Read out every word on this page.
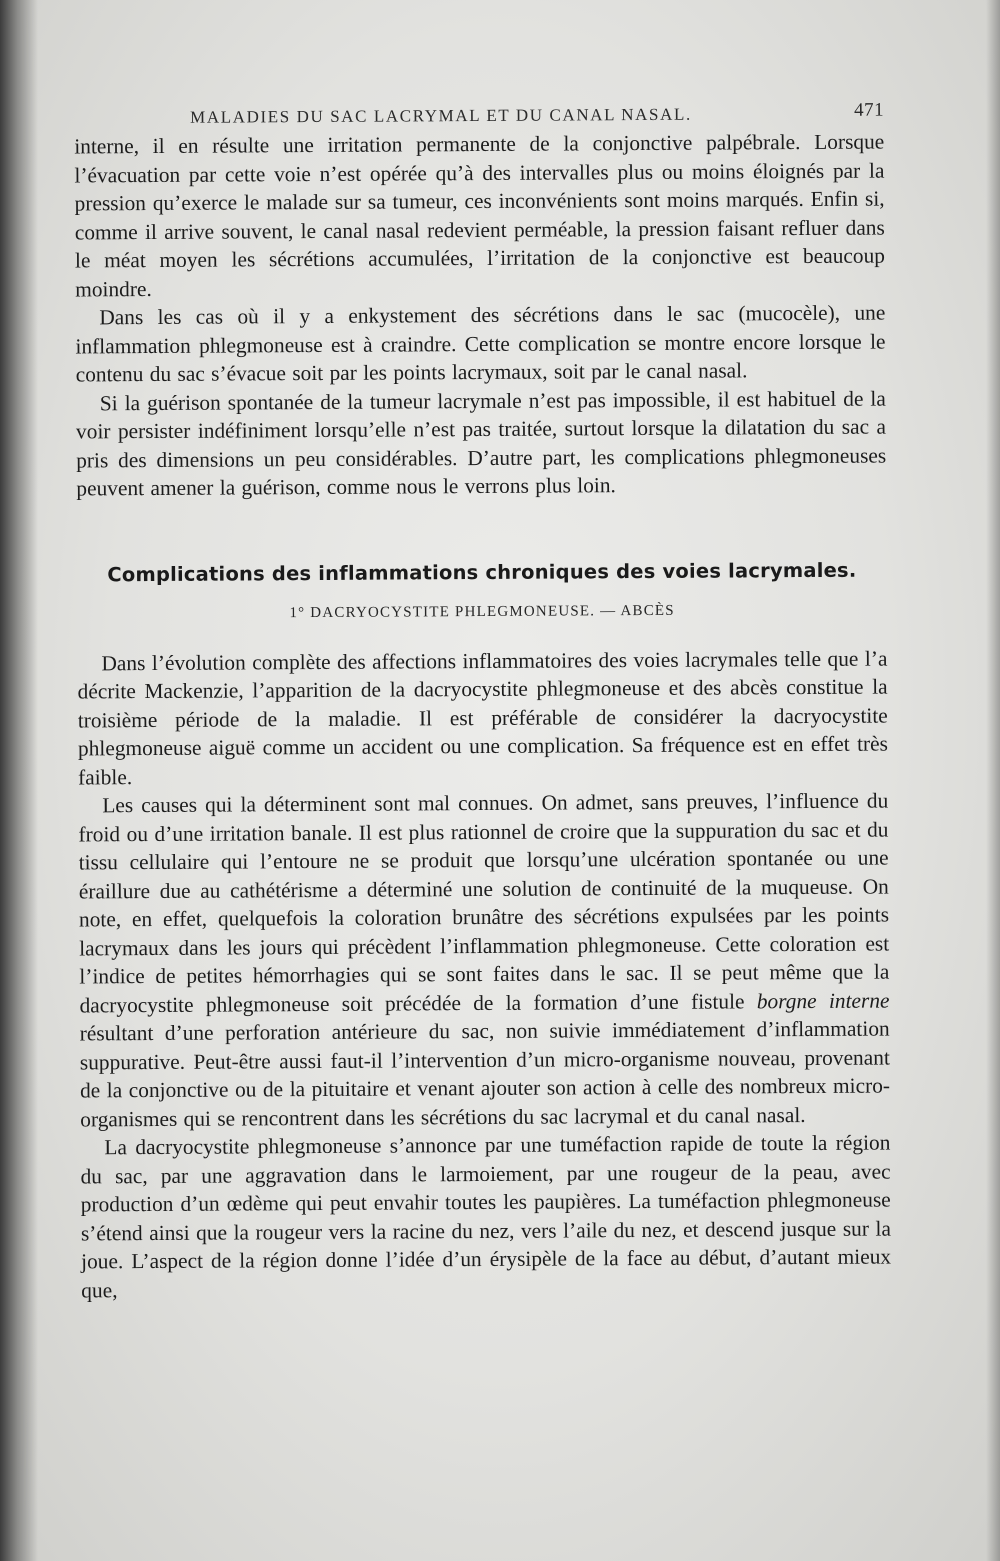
MALADIES DU SAC LACRYMAL ET DU CANAL NASAL.	471

interne, il en résulte une irritation permanente de la conjonctive palpébrale. Lorsque l’évacuation par cette voie n’est opérée qu’à des intervalles plus ou moins éloignés par la pression qu’exerce le malade sur sa tumeur, ces inconvénients sont moins marqués. Enfin si, comme il arrive souvent, le canal nasal redevient perméable, la pression faisant refluer dans le méat moyen les sécrétions accumulées, l’irritation de la conjonctive est beaucoup moindre.

Dans les cas où il y a enkystement des sécrétions dans le sac (mucocèle), une inflammation phlegmoneuse est à craindre. Cette complication se montre encore lorsque le contenu du sac s’évacue soit par les points lacrymaux, soit par le canal nasal.

Si la guérison spontanée de la tumeur lacrymale n’est pas impossible, il est habituel de la voir persister indéfiniment lorsqu’elle n’est pas traitée, surtout lorsque la dilatation du sac a pris des dimensions un peu considérables. D’autre part, les complications phlegmoneuses peuvent amener la guérison, comme nous le verrons plus loin.

Complications des inflammations chroniques des voies lacrymales.
1° DACRYOCYSTITE PHLEGMONEUSE. — ABCÈS

Dans l’évolution complète des affections inflammatoires des voies lacrymales telle que l’a décrite Mackenzie, l’apparition de la dacryocystite phlegmoneuse et des abcès constitue la troisième période de la maladie. Il est préférable de considérer la dacryocystite phlegmoneuse aiguë comme un accident ou une complication. Sa fréquence est en effet très faible.

Les causes qui la déterminent sont mal connues. On admet, sans preuves, l’influence du froid ou d’une irritation banale. Il est plus rationnel de croire que la suppuration du sac et du tissu cellulaire qui l’entoure ne se produit que lorsqu’une ulcération spontanée ou une éraillure due au cathétérisme a déterminé une solution de continuité de la muqueuse. On note, en effet, quelquefois la coloration brunâtre des sécrétions expulsées par les points lacrymaux dans les jours qui précèdent l’inflammation phlegmoneuse. Cette coloration est l’indice de petites hémorrhagies qui se sont faites dans le sac. Il se peut même que la dacryocystite phlegmoneuse soit précédée de la formation d’une fistule borgne interne résultant d’une perforation antérieure du sac, non suivie immédiatement d’inflammation suppurative. Peut-être aussi faut-il l’intervention d’un micro-organisme nouveau, provenant de la conjonctive ou de la pituitaire et venant ajouter son action à celle des nombreux micro-organismes qui se rencontrent dans les sécrétions du sac lacrymal et du canal nasal.

La dacryocystite phlegmoneuse s’annonce par une tuméfaction rapide de toute la région du sac, par une aggravation dans le larmoiement, par une rougeur de la peau, avec production d’un œdème qui peut envahir toutes les paupières. La tuméfaction phlegmoneuse s’étend ainsi que la rougeur vers la racine du nez, vers l’aile du nez, et descend jusque sur la joue. L’aspect de la région donne l’idée d’un érysipèle de la face au début, d’autant mieux que,
